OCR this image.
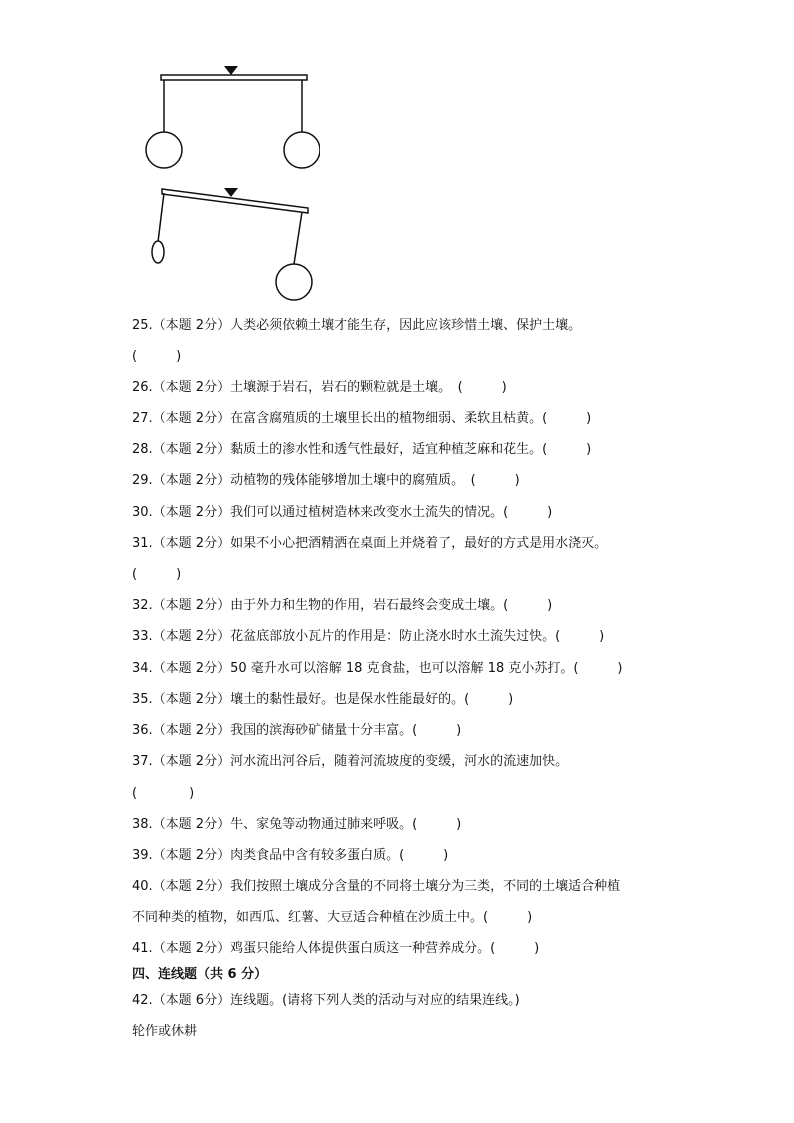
25.（本题 2分）人类必须依赖土壤才能生存，因此应该珍惜土壤、保护土壤。
(　　　)
26.（本题 2分）土壤源于岩石，岩石的颗粒就是土壤。　(　　　)
27.（本题 2分）在富含腐殖质的土壤里长出的植物细弱、柔软且枯黄。(　　　)
28.（本题 2分）黏质土的渗水性和透气性最好，适宜种植芝麻和花生。(　　　)
29.（本题 2分）动植物的残体能够增加土壤中的腐殖质。　(　　　)
30.（本题 2分）我们可以通过植树造林来改变水土流失的情况。(　　　)
31.（本题 2分）如果不小心把酒精洒在桌面上并烧着了，最好的方式是用水浇灭。
(　　　)
32.（本题 2分）由于外力和生物的作用，岩石最终会变成土壤。(　　　)
33.（本题 2分）花盆底部放小瓦片的作用是：防止浇水时水土流失过快。(　　　)
34.（本题 2分）50 毫升水可以溶解 18 克食盐，也可以溶解 18 克小苏打。(　　　)
35.（本题 2分）壤土的黏性最好。也是保水性能最好的。(　　　)
36.（本题 2分）我国的滨海砂矿储量十分丰富。(　　　)
37.（本题 2分）河水流出河谷后，随着河流坡度的变缓，河水的流速加快。
(　　　　)
38.（本题 2分）牛、家兔等动物通过肺来呼吸。(　　　)
39.（本题 2分）肉类食品中含有较多蛋白质。(　　　)
40.（本题 2分）我们按照土壤成分含量的不同将土壤分为三类，不同的土壤适合种植
不同种类的植物，如西瓜、红薯、大豆适合种植在沙质土中。(　　　)
41.（本题 2分）鸡蛋只能给人体提供蛋白质这一种营养成分。(　　　)
四、连线题（共 6 分）
42.（本题 6分）连线题。(请将下列人类的活动与对应的结果连线。)
轮作或休耕
